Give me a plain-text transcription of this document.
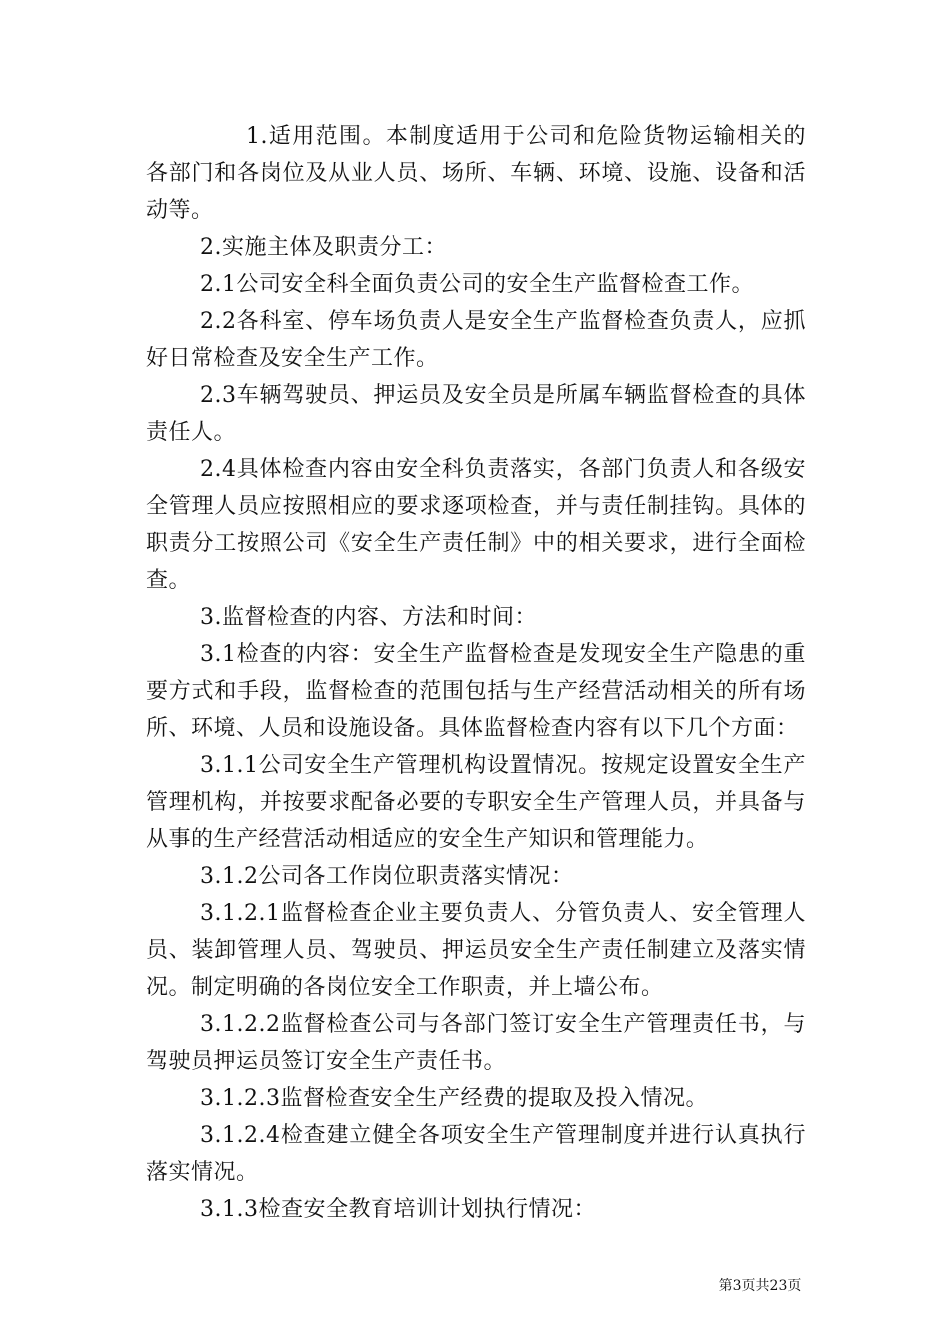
1.适用范围。本制度适用于公司和危险货物运输相关的各部门和各岗位及从业人员、场所、车辆、环境、设施、设备和活动等。

2.实施主体及职责分工：

2.1公司安全科全面负责公司的安全生产监督检查工作。

2.2各科室、停车场负责人是安全生产监督检查负责人，应抓好日常检查及安全生产工作。

2.3车辆驾驶员、押运员及安全员是所属车辆监督检查的具体责任人。

2.4具体检查内容由安全科负责落实，各部门负责人和各级安全管理人员应按照相应的要求逐项检查，并与责任制挂钩。具体的职责分工按照公司《安全生产责任制》中的相关要求，进行全面检查。

3.监督检查的内容、方法和时间：

3.1检查的内容：安全生产监督检查是发现安全生产隐患的重要方式和手段，监督检查的范围包括与生产经营活动相关的所有场所、环境、人员和设施设备。具体监督检查内容有以下几个方面：

3.1.1公司安全生产管理机构设置情况。按规定设置安全生产管理机构，并按要求配备必要的专职安全生产管理人员，并具备与从事的生产经营活动相适应的安全生产知识和管理能力。

3.1.2公司各工作岗位职责落实情况：

3.1.2.1监督检查企业主要负责人、分管负责人、安全管理人员、装卸管理人员、驾驶员、押运员安全生产责任制建立及落实情况。制定明确的各岗位安全工作职责，并上墙公布。

3.1.2.2监督检查公司与各部门签订安全生产管理责任书，与驾驶员押运员签订安全生产责任书。

3.1.2.3监督检查安全生产经费的提取及投入情况。

3.1.2.4检查建立健全各项安全生产管理制度并进行认真执行落实情况。

3.1.3检查安全教育培训计划执行情况：

第3页共23页
